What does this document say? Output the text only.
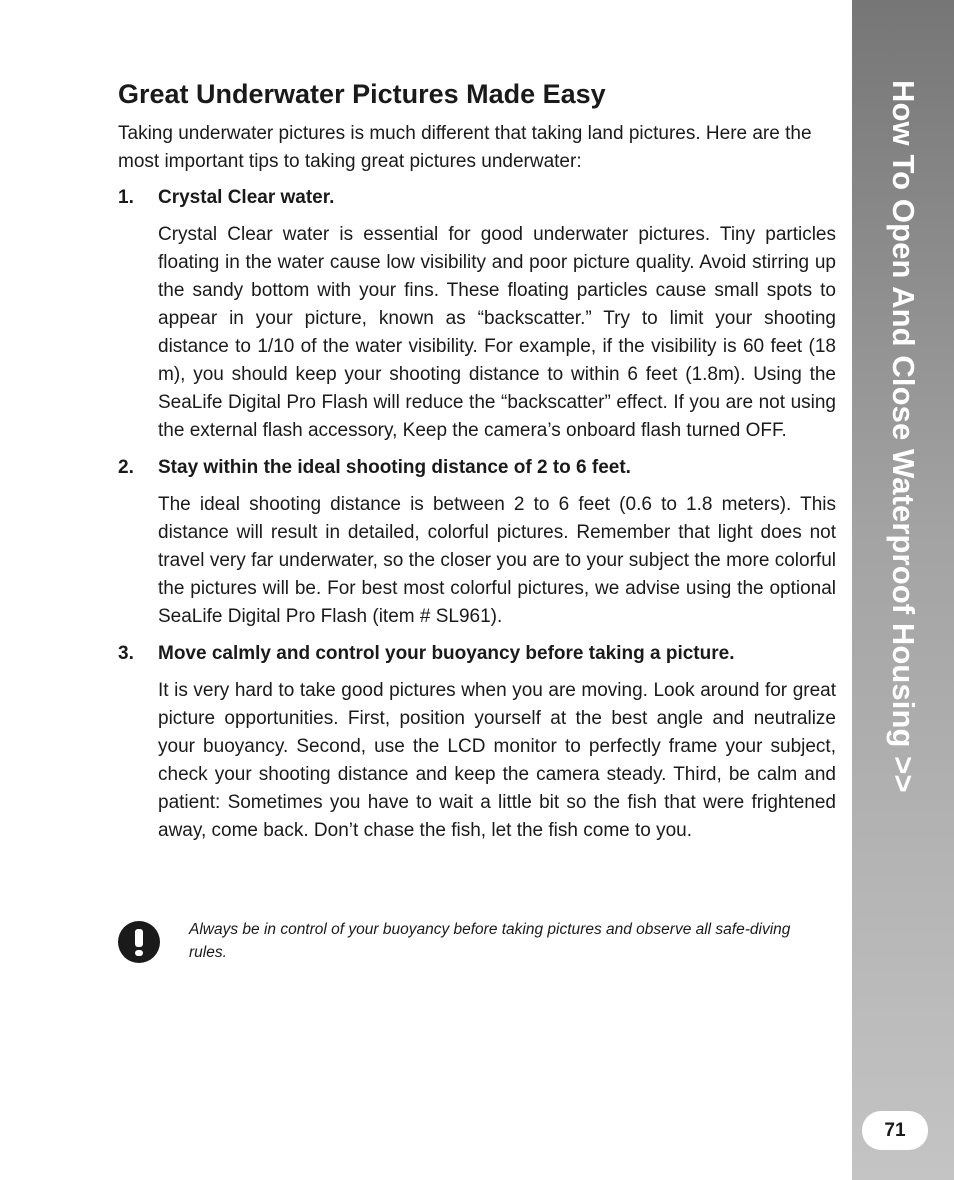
How To Open And Close Waterproof Housing >>
71
Great Underwater Pictures Made Easy

Taking underwater pictures is much different that taking land pictures. Here are the most important tips to taking great pictures underwater:

1.	Crystal Clear water.

Crystal Clear water is essential for good underwater pictures. Tiny particles floating in the water cause low visibility and poor picture quality. Avoid stirring up the sandy bottom with your fins. These floating particles cause small spots to appear in your picture, known as “backscatter.” Try to limit your shooting distance to 1/10 of the water visibility. For example, if the visibility is 60 feet (18 m), you should keep your shooting distance to within 6 feet (1.8m). Using the SeaLife Digital Pro Flash will reduce the “backscatter” effect. If you are not using the external flash accessory, Keep the camera’s onboard flash turned OFF.

2.	Stay within the ideal shooting distance of 2 to 6 feet.

The ideal shooting distance is between 2 to 6 feet (0.6 to 1.8 meters). This distance will result in detailed, colorful pictures. Remember that light does not travel very far underwater, so the closer you are to your subject the more colorful the pictures will be. For best most colorful pictures, we advise using the optional SeaLife Digital Pro Flash (item # SL961).

3.	Move calmly and control your buoyancy before taking a picture.

It is very hard to take good pictures when you are moving. Look around for great picture opportunities. First, position yourself at the best angle and neutralize your buoyancy. Second, use the LCD monitor to perfectly frame your subject, check your shooting distance and keep the camera steady. Third, be calm and patient: Sometimes you have to wait a little bit so the fish that were frightened away, come back. Don’t chase the fish, let the fish come to you.

Always be in control of your buoyancy before taking pictures and observe all safe-diving rules.
